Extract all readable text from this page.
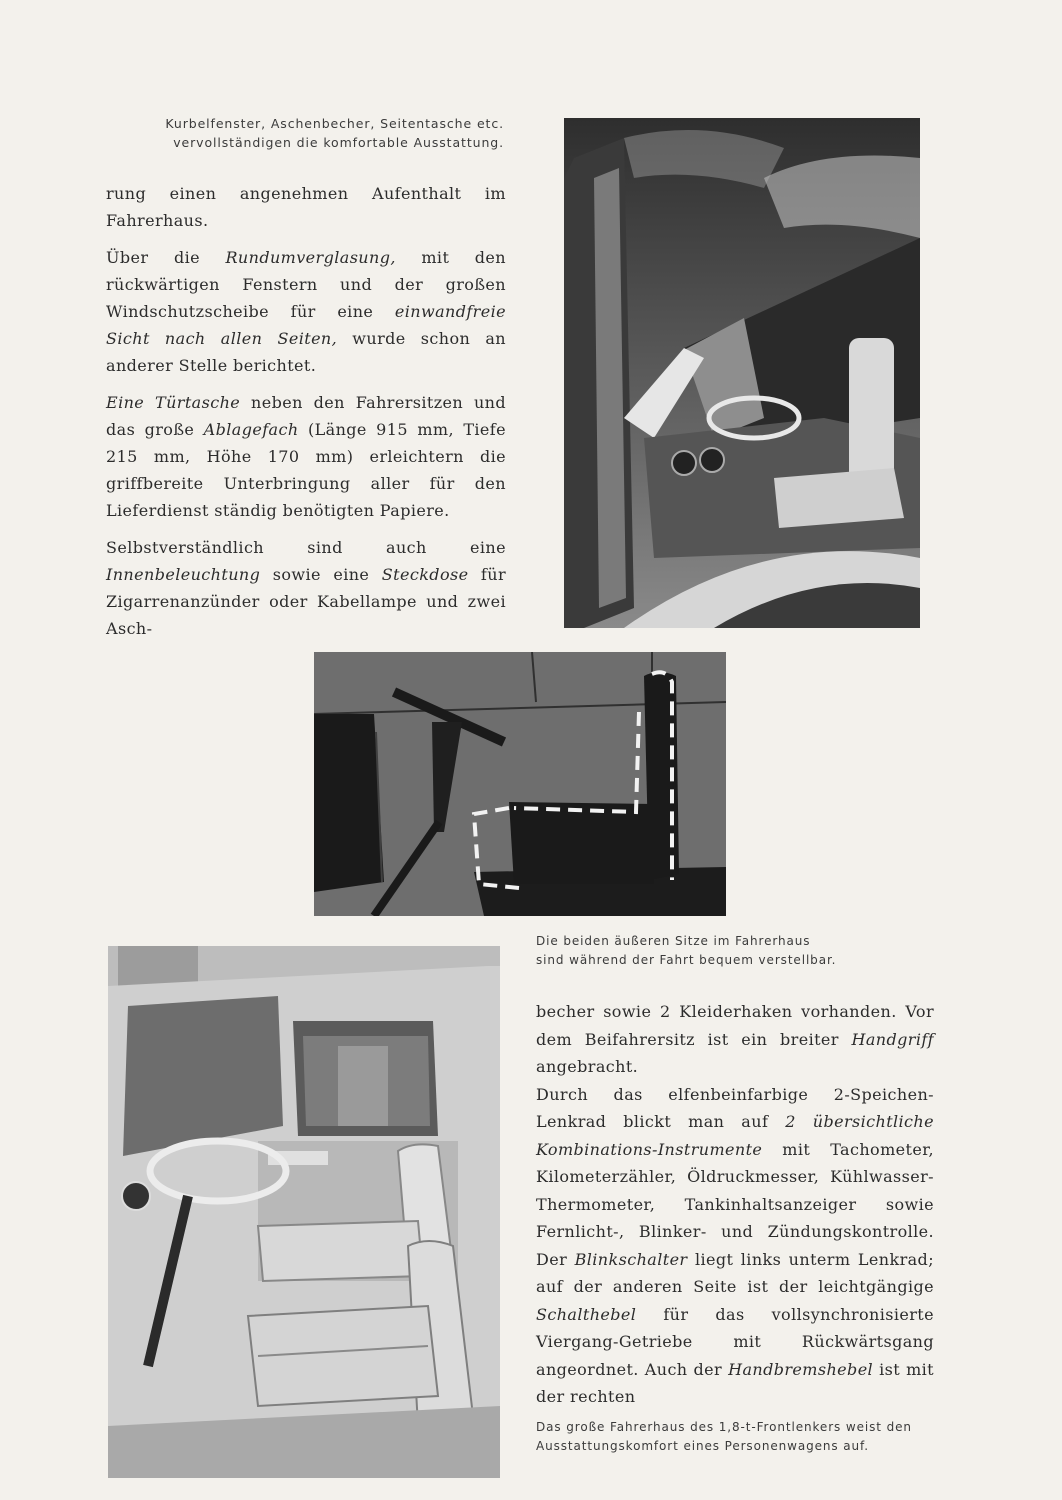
Kurbelfenster, Aschenbecher, Seitentasche etc.
vervollständigen die komfortable Ausstattung.

rung einen angenehmen Aufenthalt im Fahrerhaus.

Über die Rundumverglasung, mit den rückwärtigen Fenstern und der großen Windschutzscheibe für eine einwandfreie Sicht nach allen Seiten, wurde schon an anderer Stelle berichtet.

Eine Türtasche neben den Fahrersitzen und das große Ablagefach (Länge 915 mm, Tiefe 215 mm, Höhe 170 mm) erleichtern die griffbereite Unterbringung aller für den Lieferdienst ständig benötigten Papiere.

Selbstverständlich sind auch eine Innenbeleuchtung sowie eine Steckdose für Zigarrenanzünder oder Kabellampe und zwei Asch-

Die beiden äußeren Sitze im Fahrerhaus
sind während der Fahrt bequem verstellbar.

becher sowie 2 Kleiderhaken vorhanden. Vor dem Beifahrersitz ist ein breiter Handgriff angebracht.

Durch das elfenbeinfarbige 2-Speichen-Lenkrad blickt man auf 2 übersichtliche Kombinations-Instrumente mit Tachometer, Kilometerzähler, Öldruckmesser, Kühlwasser-Thermometer, Tankinhaltsanzeiger sowie Fernlicht-, Blinker- und Zündungskontrolle. Der Blinkschalter liegt links unterm Lenkrad; auf der anderen Seite ist der leichtgängige Schalthebel für das vollsynchronisierte Viergang-Getriebe mit Rückwärtsgang angeordnet. Auch der Handbremshebel ist mit der rechten

Das große Fahrerhaus des 1,8-t-Frontlenkers weist den
Ausstattungskomfort eines Personenwagens auf.
